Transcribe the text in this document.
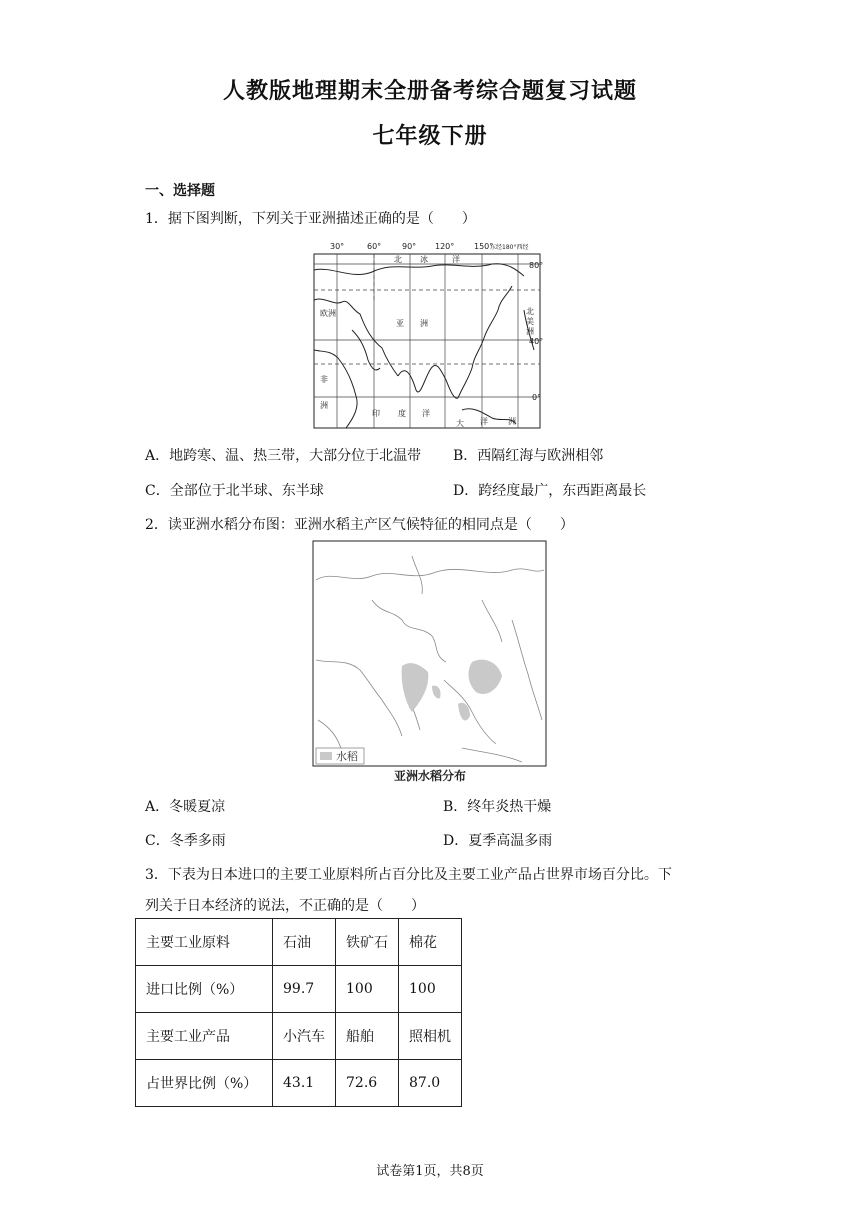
人教版地理期末全册备考综合题复习试题
七年级下册
一、选择题
1．据下图判断，下列关于亚洲描述正确的是（　　）
30°	60°	90° 120° 150°
东经180°西经
80°
40°
0°
北 冰	洋
欧洲
亚 洲
北
美
洲
非
洲
印 度 洋
大 洋	洲
A．地跨寒、温、热三带，大部分位于北温带 B．西隔红海与欧洲相邻
C．全部位于北半球、东半球	D．跨经度最广，东西距离最长
2．读亚洲水稻分布图：亚洲水稻主产区气候特征的相同点是（　　）
水稻
亚洲水稻分布
A．冬暖夏凉	B．终年炎热干燥
C．冬季多雨	D．夏季高温多雨
3．下表为日本进口的主要工业原料所占百分比及主要工业产品占世界市场百分比。下
列关于日本经济的说法，不正确的是（　　）
主要工业原料	石油	铁矿石	棉花
进口比例（%）	99.7	100	100
主要工业产品	小汽车	船舶	照相机
占世界比例（%）	43.1	72.6	87.0
试卷第1页，共8页
